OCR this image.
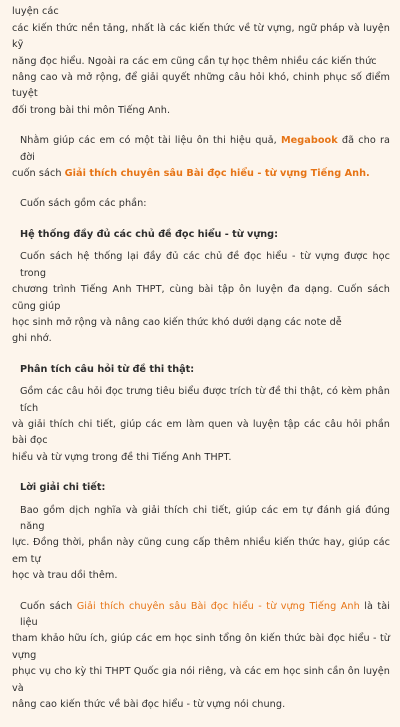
luyện các

các kiến thức nền tảng, nhất là các kiến thức về từ vựng, ngữ pháp và luyện kỹ

năng đọc hiểu. Ngoài ra các em cũng cần tự học thêm nhiều các kiến thức

nâng cao và mở rộng, để giải quyết những câu hỏi khó, chinh phục số điểm tuyệt

đối trong bài thi môn Tiếng Anh.

Nhằm giúp các em có một tài liệu ôn thi hiệu quả, Megabook đã cho ra đời

cuốn sách Giải thích chuyên sâu Bài đọc hiểu - từ vựng Tiếng Anh.

Cuốn sách gồm các phần:

Hệ thống đầy đủ các chủ đề đọc hiểu - từ vựng:

Cuốn sách hệ thống lại đầy đủ các chủ đề đọc hiểu - từ vựng được học trong

chương trình Tiếng Anh THPT, cùng bài tập ôn luyện đa dạng. Cuốn sách cũng giúp

học sinh mở rộng và nâng cao kiến thức khó dưới dạng các note dễ

ghi nhớ.

Phân tích câu hỏi từ đề thi thật:

Gồm các câu hỏi đọc trưng tiêu biểu được trích từ đề thi thật, có kèm phân tích

và giải thích chi tiết, giúp các em làm quen và luyện tập các câu hỏi phần bài đọc

hiểu và từ vựng trong đề thi Tiếng Anh THPT.

Lời giải chi tiết:

Bao gồm dịch nghĩa và giải thích chi tiết, giúp các em tự đánh giá đúng năng

lực. Đồng thời, phần này cũng cung cấp thêm nhiều kiến thức hay, giúp các em tự

học và trau dồi thêm.

Cuốn sách Giải thích chuyên sâu Bài đọc hiểu - từ vựng Tiếng Anh là tài liệu

tham khảo hữu ích, giúp các em học sinh tổng ôn kiến thức bài đọc hiểu - từ vựng

phục vụ cho kỳ thi THPT Quốc gia nói riêng, và các em học sinh cần ôn luyện và

nâng cao kiến thức về bài đọc hiểu - từ vựng nói chung.
